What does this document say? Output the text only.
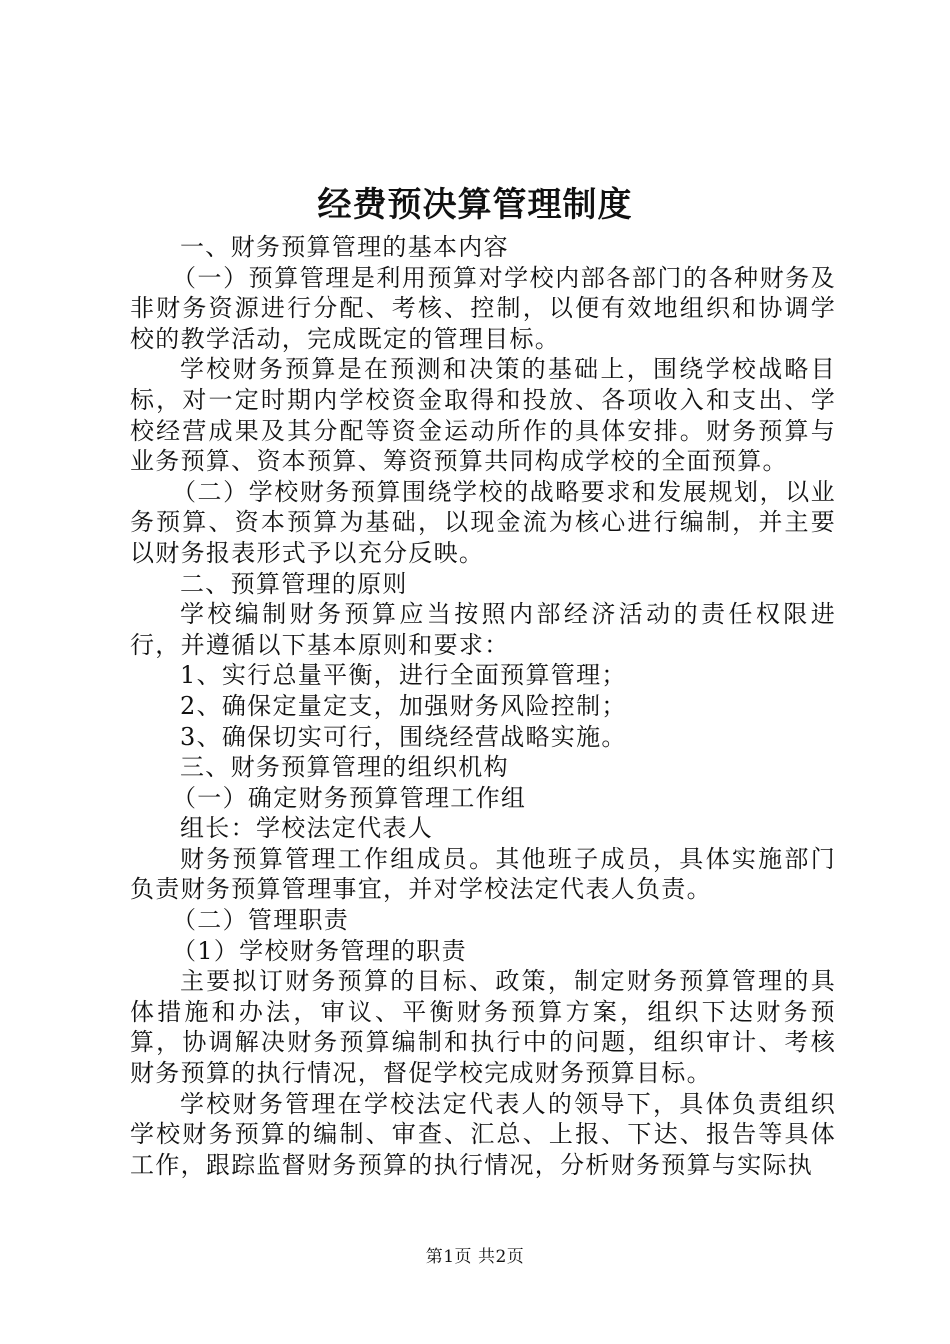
经费预决算管理制度

一、财务预算管理的基本内容

（一）预算管理是利用预算对学校内部各部门的各种财务及非财务资源进行分配、考核、控制，以便有效地组织和协调学校的教学活动，完成既定的管理目标。

学校财务预算是在预测和决策的基础上，围绕学校战略目标，对一定时期内学校资金取得和投放、各项收入和支出、学校经营成果及其分配等资金运动所作的具体安排。财务预算与业务预算、资本预算、筹资预算共同构成学校的全面预算。

（二）学校财务预算围绕学校的战略要求和发展规划，以业务预算、资本预算为基础，以现金流为核心进行编制，并主要以财务报表形式予以充分反映。

二、预算管理的原则

学校编制财务预算应当按照内部经济活动的责任权限进行，并遵循以下基本原则和要求：

1、实行总量平衡，进行全面预算管理；

2、确保定量定支，加强财务风险控制；

3、确保切实可行，围绕经营战略实施。

三、财务预算管理的组织机构

（一）确定财务预算管理工作组

组长：学校法定代表人

财务预算管理工作组成员。其他班子成员，具体实施部门负责财务预算管理事宜，并对学校法定代表人负责。

（二）管理职责

（1）学校财务管理的职责

主要拟订财务预算的目标、政策，制定财务预算管理的具体措施和办法，审议、平衡财务预算方案，组织下达财务预算，协调解决财务预算编制和执行中的问题，组织审计、考核财务预算的执行情况，督促学校完成财务预算目标。

学校财务管理在学校法定代表人的领导下，具体负责组织学校财务预算的编制、审查、汇总、上报、下达、报告等具体工作，跟踪监督财务预算的执行情况，分析财务预算与实际执

第1页 共2页
